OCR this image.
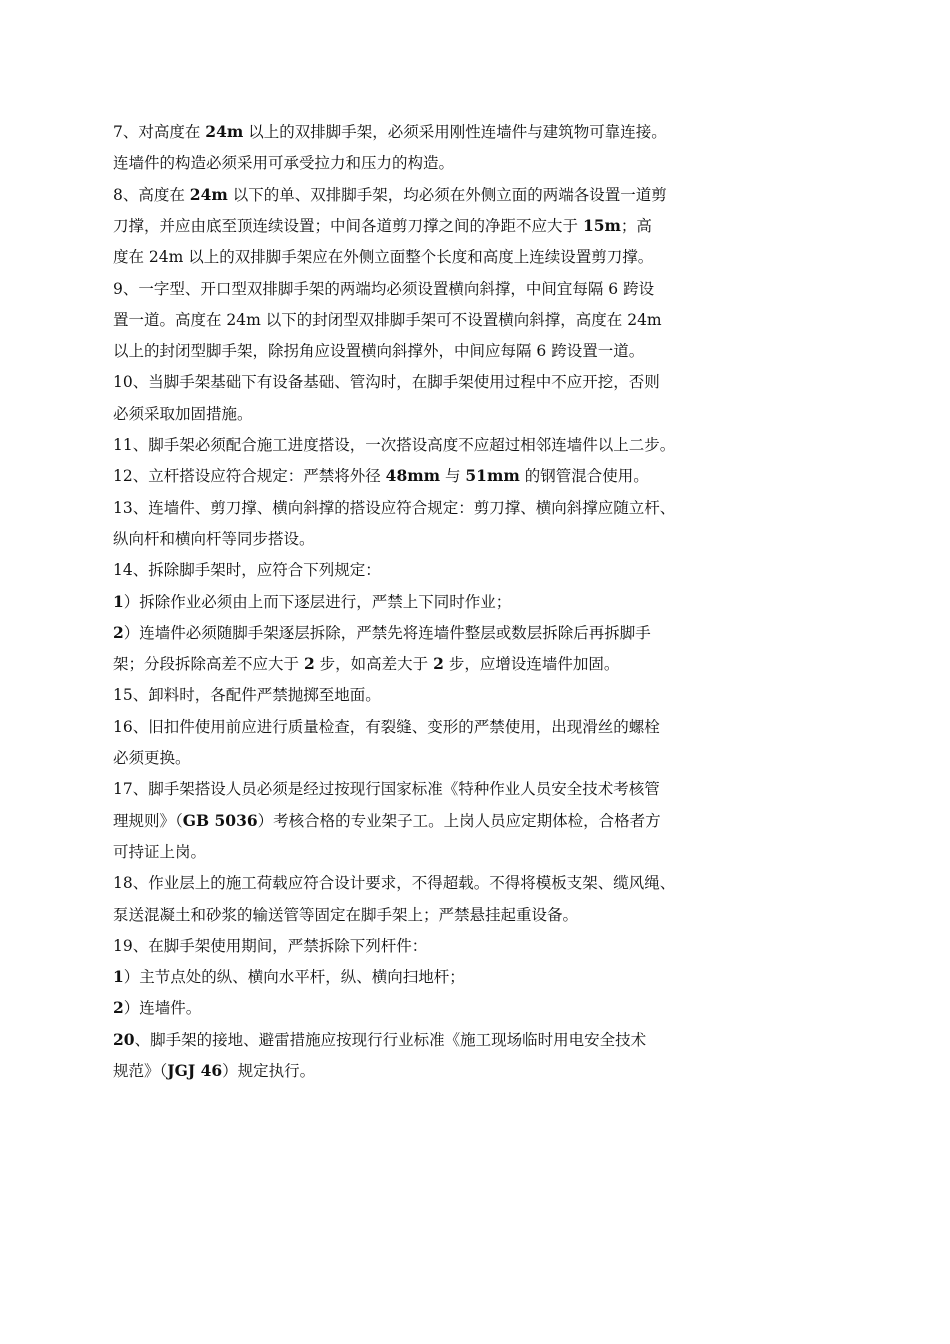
7、对高度在 24m 以上的双排脚手架，必须采用刚性连墙件与建筑物可靠连接。
连墙件的构造必须采用可承受拉力和压力的构造。
8、高度在 24m 以下的单、双排脚手架，均必须在外侧立面的两端各设置一道剪
刀撑，并应由底至顶连续设置；中间各道剪刀撑之间的净距不应大于 15m；高
度在 24m 以上的双排脚手架应在外侧立面整个长度和高度上连续设置剪刀撑。
9、一字型、开口型双排脚手架的两端均必须设置横向斜撑，中间宜每隔 6 跨设
置一道。高度在 24m 以下的封闭型双排脚手架可不设置横向斜撑，高度在 24m
以上的封闭型脚手架，除拐角应设置横向斜撑外，中间应每隔 6 跨设置一道。
10、当脚手架基础下有设备基础、管沟时，在脚手架使用过程中不应开挖，否则
必须采取加固措施。
11、脚手架必须配合施工进度搭设，一次搭设高度不应超过相邻连墙件以上二步。
12、立杆搭设应符合规定：严禁将外径 48mm 与 51mm 的钢管混合使用。
13、连墙件、剪刀撑、横向斜撑的搭设应符合规定：剪刀撑、横向斜撑应随立杆、
纵向杆和横向杆等同步搭设。
14、拆除脚手架时，应符合下列规定：
1）拆除作业必须由上而下逐层进行，严禁上下同时作业；
2）连墙件必须随脚手架逐层拆除，严禁先将连墙件整层或数层拆除后再拆脚手
架；分段拆除高差不应大于 2 步，如高差大于 2 步，应增设连墙件加固。
15、卸料时，各配件严禁抛掷至地面。
16、旧扣件使用前应进行质量检查，有裂缝、变形的严禁使用，出现滑丝的螺栓
必须更换。
17、脚手架搭设人员必须是经过按现行国家标准《特种作业人员安全技术考核管
理规则》（GB 5036）考核合格的专业架子工。上岗人员应定期体检，合格者方
可持证上岗。
18、作业层上的施工荷载应符合设计要求，不得超载。不得将模板支架、缆风绳、
泵送混凝土和砂浆的输送管等固定在脚手架上；严禁悬挂起重设备。
19、在脚手架使用期间，严禁拆除下列杆件：
1）主节点处的纵、横向水平杆，纵、横向扫地杆；
2）连墙件。
20、脚手架的接地、避雷措施应按现行行业标准《施工现场临时用电安全技术
规范》（JGJ 46）规定执行。
